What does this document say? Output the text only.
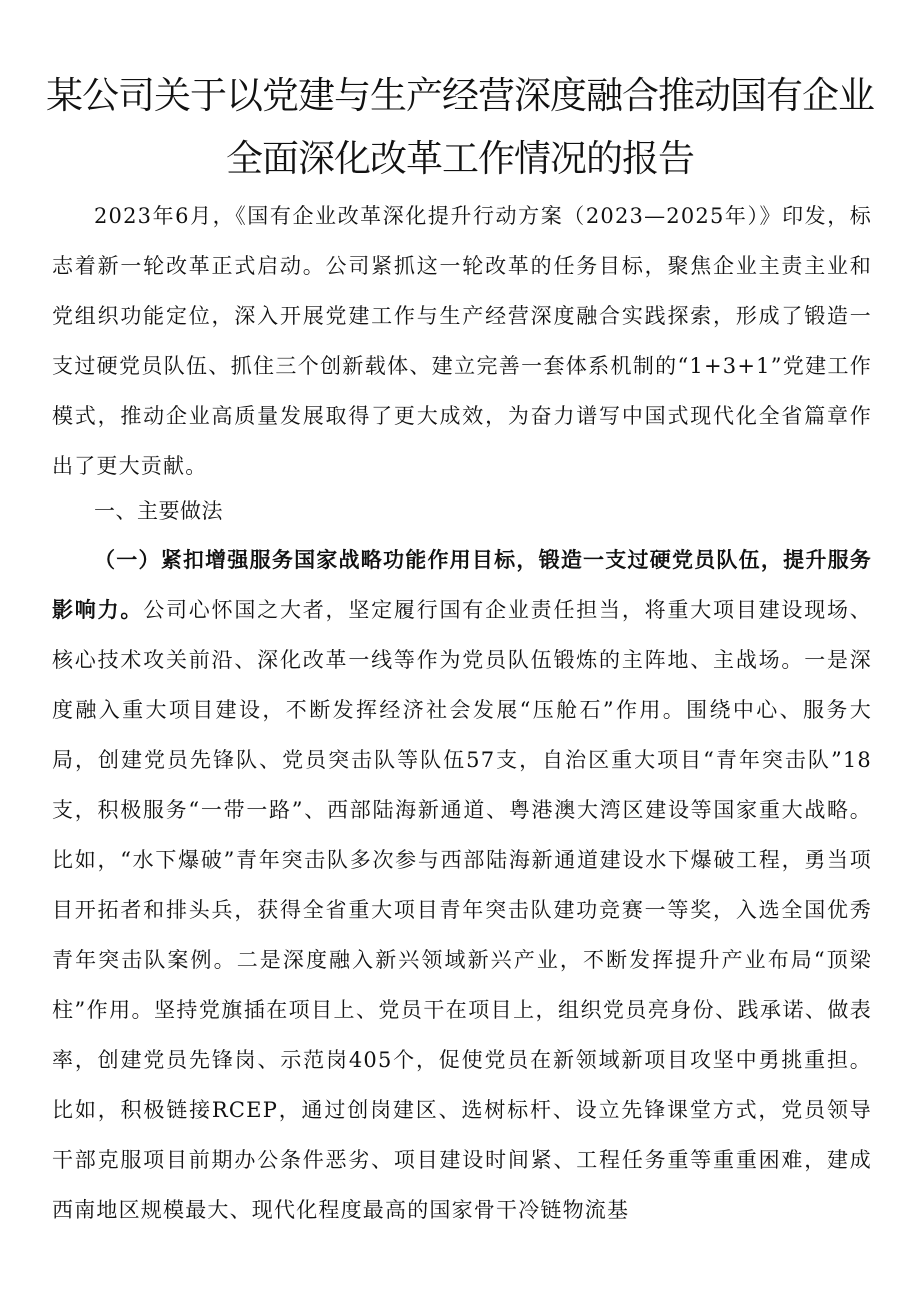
某公司关于以党建与生产经营深度融合推动国有企业
全面深化改革工作情况的报告

2023年6月，《国有企业改革深化提升行动方案（2023—2025年）》印发，标志着新一轮改革正式启动。公司紧抓这一轮改革的任务目标，聚焦企业主责主业和党组织功能定位，深入开展党建工作与生产经营深度融合实践探索，形成了锻造一支过硬党员队伍、抓住三个创新载体、建立完善一套体系机制的“1+3+1”党建工作模式，推动企业高质量发展取得了更大成效，为奋力谱写中国式现代化全省篇章作出了更大贡献。

一、主要做法

（一）紧扣增强服务国家战略功能作用目标，锻造一支过硬党员队伍，提升服务影响力。公司心怀国之大者，坚定履行国有企业责任担当，将重大项目建设现场、核心技术攻关前沿、深化改革一线等作为党员队伍锻炼的主阵地、主战场。一是深度融入重大项目建设，不断发挥经济社会发展“压舱石”作用。围绕中心、服务大局，创建党员先锋队、党员突击队等队伍57支，自治区重大项目“青年突击队”18支，积极服务“一带一路”、西部陆海新通道、粤港澳大湾区建设等国家重大战略。比如，“水下爆破”青年突击队多次参与西部陆海新通道建设水下爆破工程，勇当项目开拓者和排头兵，获得全省重大项目青年突击队建功竞赛一等奖，入选全国优秀青年突击队案例。二是深度融入新兴领域新兴产业，不断发挥提升产业布局“顶梁柱”作用。坚持党旗插在项目上、党员干在项目上，组织党员亮身份、践承诺、做表率，创建党员先锋岗、示范岗405个，促使党员在新领域新项目攻坚中勇挑重担。比如，积极链接RCEP，通过创岗建区、选树标杆、设立先锋课堂方式，党员领导干部克服项目前期办公条件恶劣、项目建设时间紧、工程任务重等重重困难，建成西南地区规模最大、现代化程度最高的国家骨干冷链物流基
